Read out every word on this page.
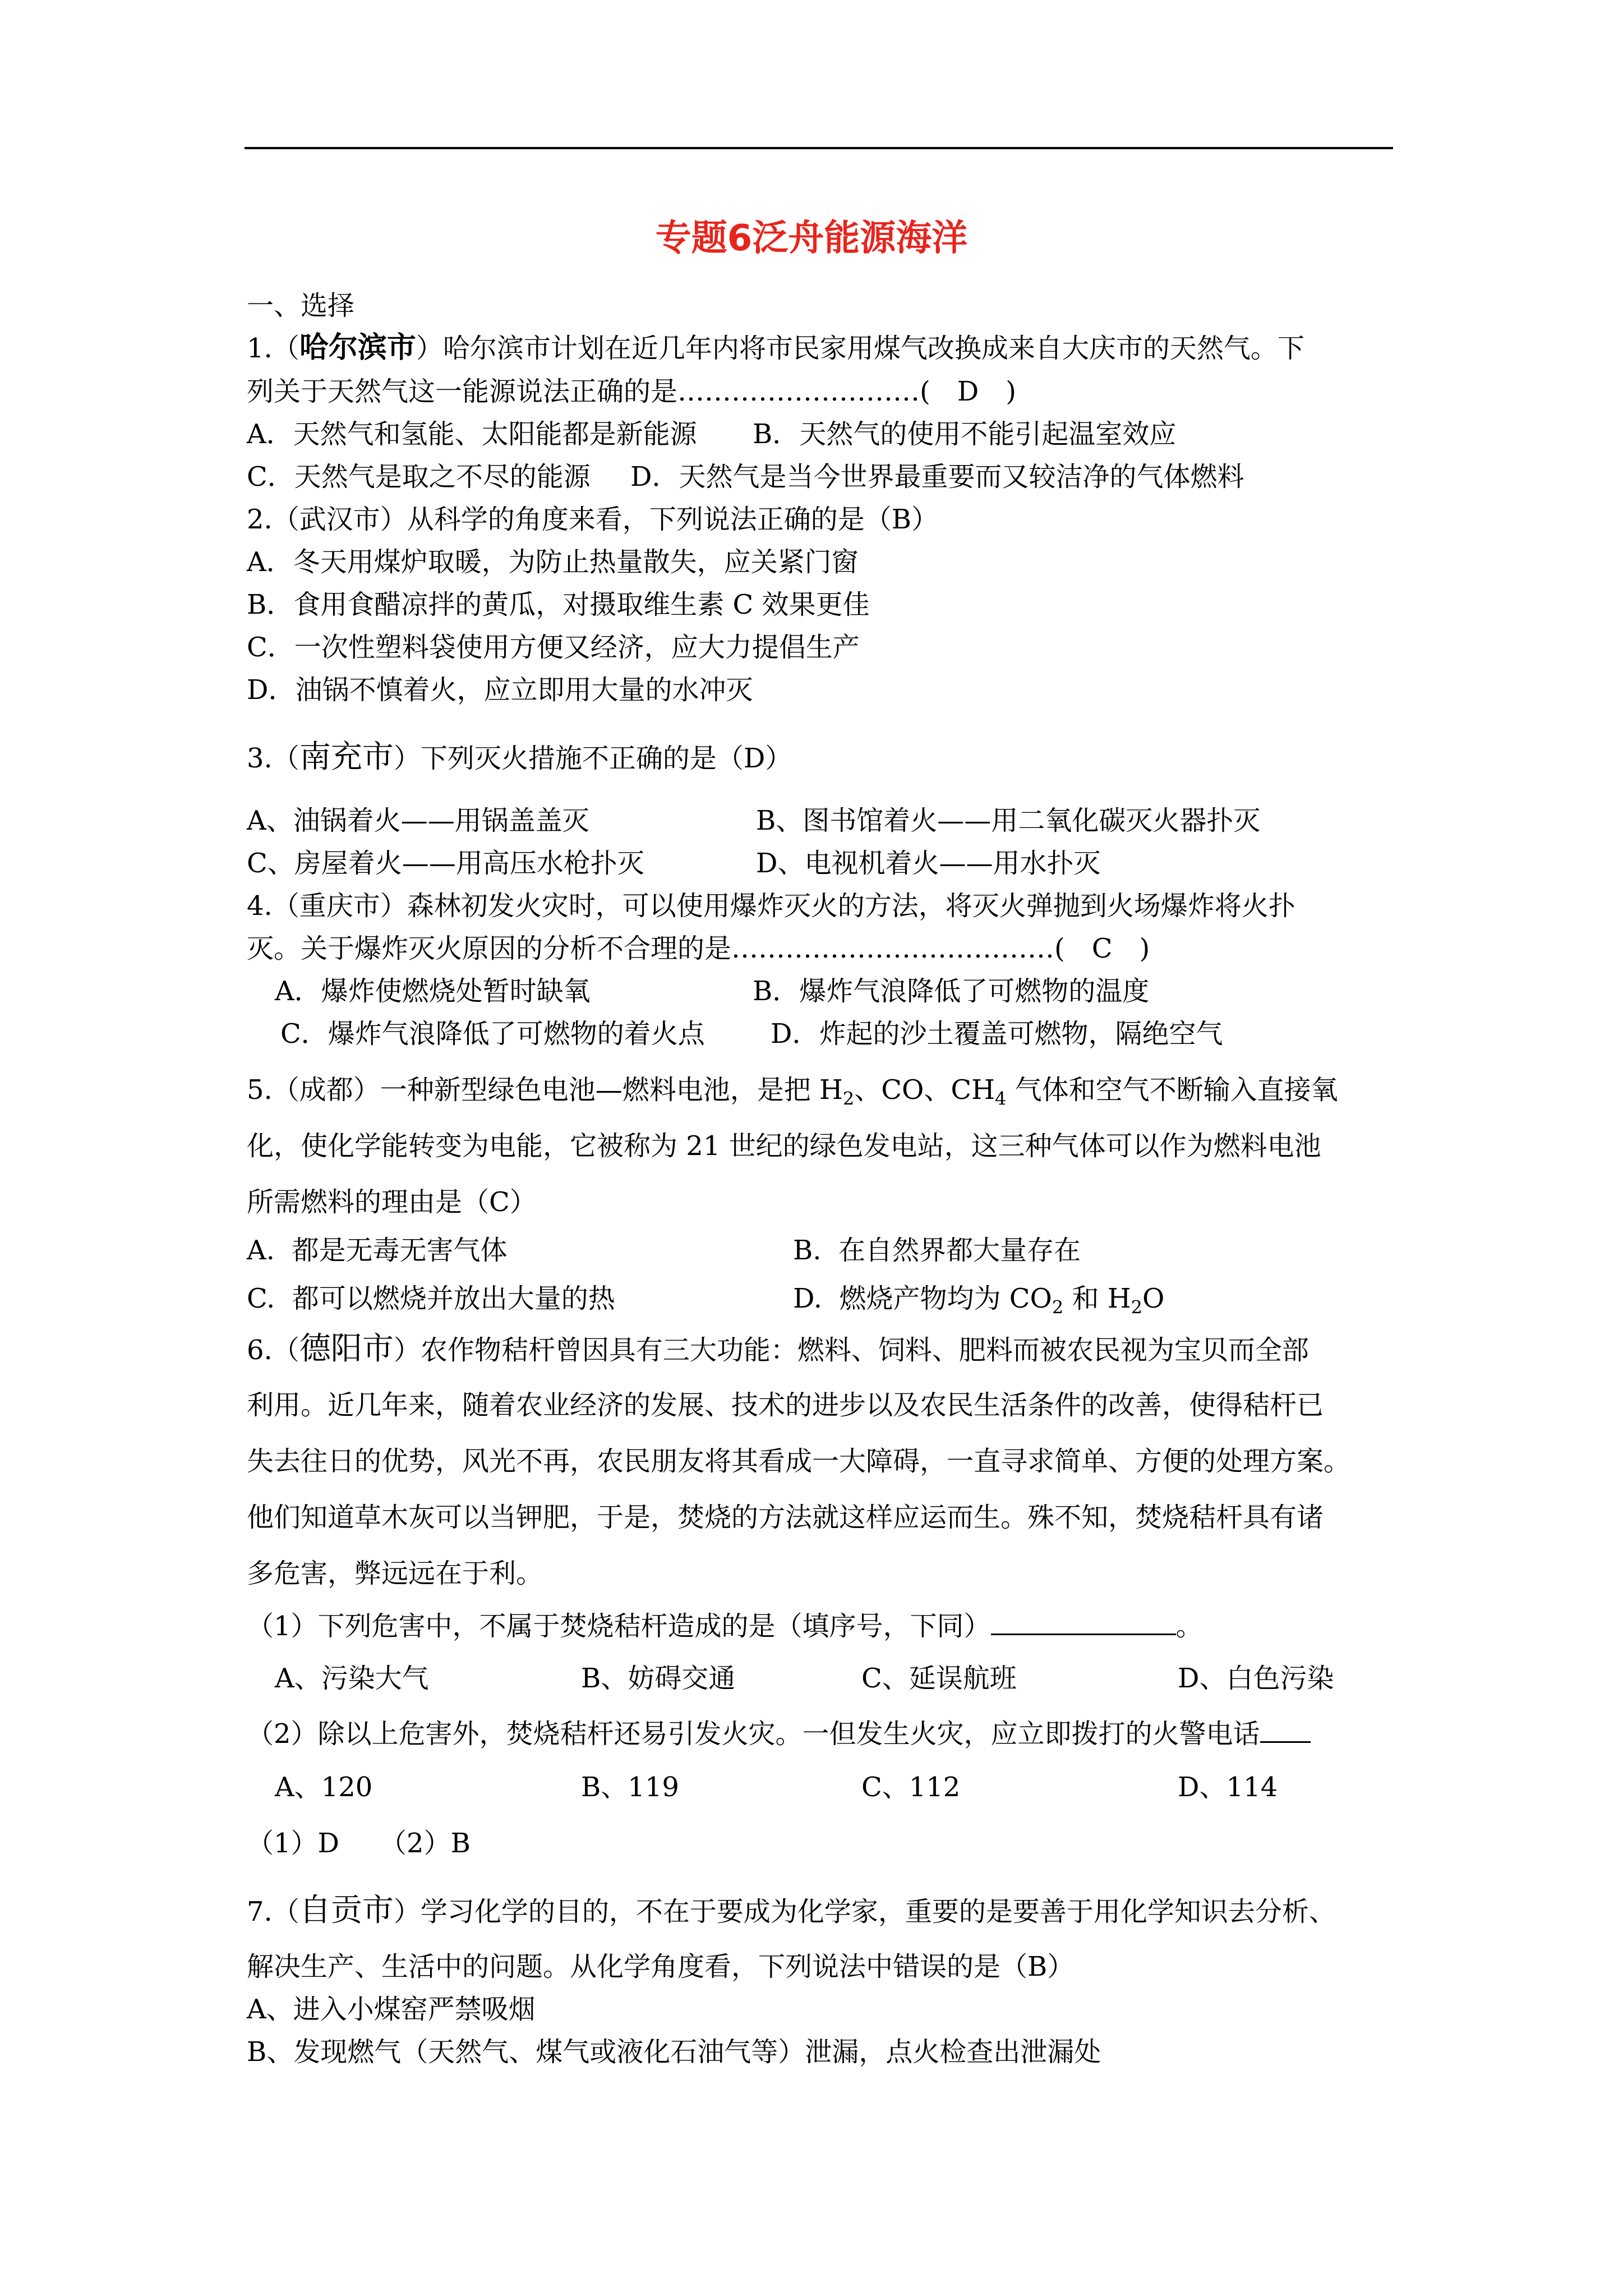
专题6泛舟能源海洋
一、选择
1.（哈尔滨市）哈尔滨市计划在近几年内将市民家用煤气改换成来自大庆市的天然气。下
列关于天然气这一能源说法正确的是………………………(　D　)
A．天然气和氢能、太阳能都是新能源 B．天然气的使用不能引起温室效应
C．天然气是取之不尽的能源 D．天然气是当今世界最重要而又较洁净的气体燃料
2.（武汉市）从科学的角度来看，下列说法正确的是（B）
A．冬天用煤炉取暖，为防止热量散失，应关紧门窗
B．食用食醋凉拌的黄瓜，对摄取维生素 C 效果更佳
C．一次性塑料袋使用方便又经济，应大力提倡生产
D．油锅不慎着火，应立即用大量的水冲灭
3.（南充市）下列灭火措施不正确的是（D）
A、油锅着火——用锅盖盖灭	B、图书馆着火——用二氧化碳灭火器扑灭
C、房屋着火——用高压水枪扑灭	D、电视机着火——用水扑灭
4.（重庆市）森林初发火灾时，可以使用爆炸灭火的方法，将灭火弹抛到火场爆炸将火扑
灭。关于爆炸灭火原因的分析不合理的是………………………………(　C　)
A．爆炸使燃烧处暂时缺氧	B．爆炸气浪降低了可燃物的温度
C．爆炸气浪降低了可燃物的着火点 D．炸起的沙土覆盖可燃物，隔绝空气
5.（成都）一种新型绿色电池—燃料电池，是把 $H_2$、CO、$CH_4$ 气体和空气不断输入直接氧
化，使化学能转变为电能，它被称为 21 世纪的绿色发电站，这三种气体可以作为燃料电池
所需燃料的理由是（C）
A.  都是无毒无害气体	B.  在自然界都大量存在
C.  都可以燃烧并放出大量的热	D.  燃烧产物均为 $CO_2$ 和 $H_2O$
6.（德阳市）农作物秸杆曾因具有三大功能：燃料、饲料、肥料而被农民视为宝贝而全部
利用。近几年来，随着农业经济的发展、技术的进步以及农民生活条件的改善，使得秸杆已
失去往日的优势，风光不再，农民朋友将其看成一大障碍，一直寻求简单、方便的处理方案。
他们知道草木灰可以当钾肥，于是，焚烧的方法就这样应运而生。殊不知，焚烧秸杆具有诸
多危害，弊远远在于利。
（1）下列危害中，不属于焚烧秸杆造成的是（填序号，下同）	。
A、污染大气	B、妨碍交通	C、延误航班	D、白色污染
（2）除以上危害外，焚烧秸杆还易引发火灾。一但发生火灾，应立即拨打的火警电话
A、120	B、119	C、112	D、114
（1）D　　（2）B
7.（自贡市）学习化学的目的，不在于要成为化学家，重要的是要善于用化学知识去分析、
解决生产、生活中的问题。从化学角度看，下列说法中错误的是（B）
A、进入小煤窑严禁吸烟
B、发现燃气（天然气、煤气或液化石油气等）泄漏，点火检查出泄漏处
